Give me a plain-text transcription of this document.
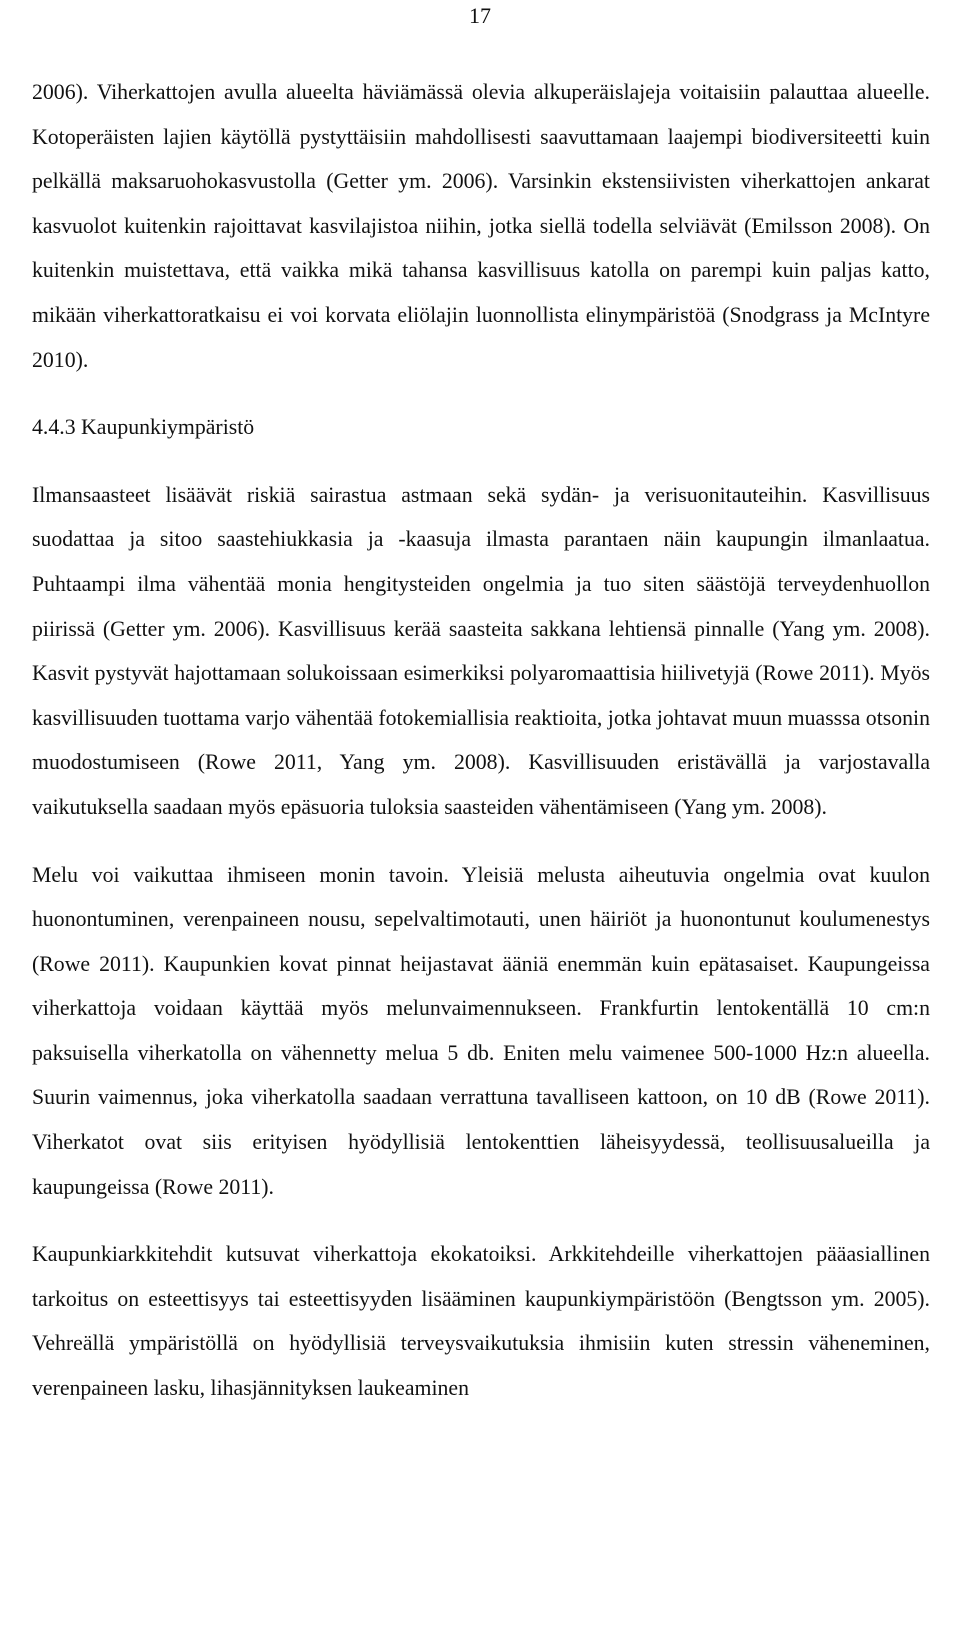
17

2006). Viherkattojen avulla alueelta häviämässä olevia alkuperäislajeja voitaisiin palauttaa alueelle. Kotoperäisten lajien käytöllä pystyttäisiin mahdollisesti saavuttamaan laajempi biodiversiteetti kuin pelkällä maksaruohokasvustolla (Getter ym. 2006). Varsinkin ekstensiivisten viherkattojen ankarat kasvuolot kuitenkin rajoittavat kasvilajistoa niihin, jotka siellä todella selviävät (Emilsson 2008). On kuitenkin muistettava, että vaikka mikä tahansa kasvillisuus katolla on parempi kuin paljas katto, mikään viherkattoratkaisu ei voi korvata eliölajin luonnollista elinympäristöä (Snodgrass ja McIntyre 2010).

4.4.3 Kaupunkiympäristö

Ilmansaasteet lisäävät riskiä sairastua astmaan sekä sydän- ja verisuonitauteihin. Kasvillisuus suodattaa ja sitoo saastehiukkasia ja -kaasuja ilmasta parantaen näin kaupungin ilmanlaatua. Puhtaampi ilma vähentää monia hengitysteiden ongelmia ja tuo siten säästöjä terveydenhuollon piirissä (Getter ym. 2006). Kasvillisuus kerää saasteita sakkana lehtiensä pinnalle (Yang ym. 2008). Kasvit pystyvät hajottamaan solukoissaan esimerkiksi polyaromaattisia hiilivetyjä (Rowe 2011). Myös kasvillisuuden tuottama varjo vähentää fotokemiallisia reaktioita, jotka johtavat muun muasssa otsonin muodostumiseen (Rowe 2011, Yang ym. 2008). Kasvillisuuden eristävällä ja varjostavalla vaikutuksella saadaan myös epäsuoria tuloksia saasteiden vähentämiseen (Yang ym. 2008).

Melu voi vaikuttaa ihmiseen monin tavoin. Yleisiä melusta aiheutuvia ongelmia ovat kuulon huonontuminen, verenpaineen nousu, sepelvaltimotauti, unen häiriöt ja huonontunut koulumenestys (Rowe 2011). Kaupunkien kovat pinnat heijastavat ääniä enemmän kuin epätasaiset. Kaupungeissa viherkattoja voidaan käyttää myös melunvaimennukseen. Frankfurtin lentokentällä 10 cm:n paksuisella viherkatolla on vähennetty melua 5 db. Eniten melu vaimenee 500-1000 Hz:n alueella. Suurin vaimennus, joka viherkatolla saadaan verrattuna tavalliseen kattoon, on 10 dB (Rowe 2011). Viherkatot ovat siis erityisen hyödyllisiä lentokenttien läheisyydessä, teollisuusalueilla ja kaupungeissa (Rowe 2011).

Kaupunkiarkkitehdit kutsuvat viherkattoja ekokatoiksi. Arkkitehdeille viherkattojen pääasiallinen tarkoitus on esteettisyys tai esteettisyyden lisääminen kaupunkiympäristöön (Bengtsson ym. 2005). Vehreällä ympäristöllä on hyödyllisiä terveysvaikutuksia ihmisiin kuten stressin väheneminen, verenpaineen lasku, lihasjännityksen laukeaminen
